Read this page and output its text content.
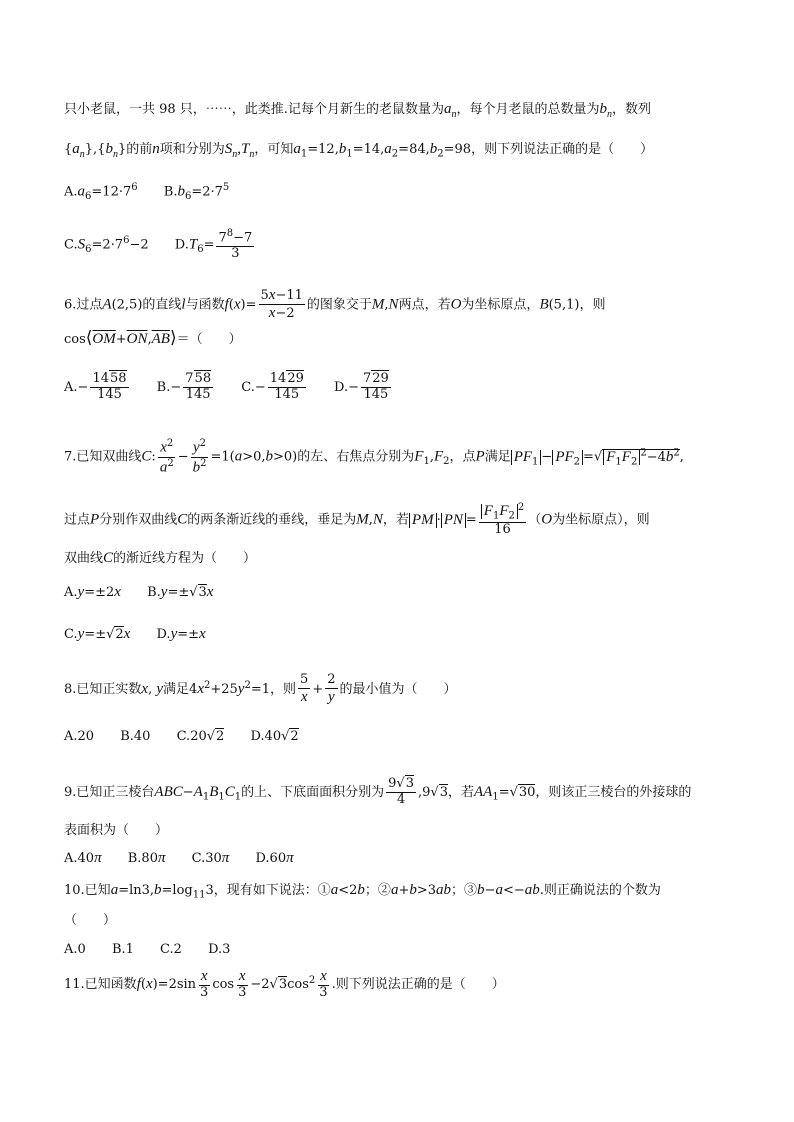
只小老鼠，一共 98 只，⋯⋯，此类推.记每个月新生的老鼠数量为$a_n$，每个月老鼠的总数量为$b_n$，数列
$\{a_n\},\{b_n\}$的前n项和分别为$S_n,T_n$，可知$a_1=12,b_1=14,a_2=84,b_2=98$，则下列说法正确的是（　　）
$A.a_6=12\cdot 7^6$ $B.b_6=2\cdot 7^5$
$C.S_6=2\cdot 7^6-2$ $D.T_6= \frac{7^8-7}{3}$
6.过点A(2,5)的直线l与函数$f(x)= \frac{5x-11}{x-2}$ 的图象交于M,N两点，若O为坐标原点，B(5,1)，则
$\cos⟨\overline{OM}+\overline{ON},\overline{AB}⟩=$（　　）
$A.- \frac{1458}{145} B.- \frac{758}{145} C.- \frac{1429}{145} D.- \frac{729}{145}$
7.已知双曲线C: $\frac{x^2}{a^2} - \frac{y^2}{b^2} =1(a>0,b>0)$的左、右焦点分别为$F_1,F_2$，点P满足 $PF_1 - PF_2$ =√ $F_1F_2^2-4b^2$,
过点P分别作双曲线C的两条渐近线的垂线，垂足为M,N，若 PM · PN = $\frac{F_1F_2^2}{16} (O$为坐标原点），则
双曲线C的渐近线方程为（　　）
A.y=±2x B.y=±√3x
C.y=±√2x D.y=±x
8.已知正实数x, y满足$4x^2+25y^2=1$，则 $\frac{5}{x} + \frac{2}{y}$ 的最小值为（　　）
A.20 B.40 C.20√2 D.40√2
9.已知正三棱台$ABC-A_1B_1C_1$的上、下底面面积分别为 $\frac{9√3}{4} ,9√3$，若$AA_1=√30$，则该正三棱台的外接球的
表面积为（　　）
A.40π B.80π C.30π D.60π
10.已知$a=\ln 3,b=\log_{11}3$，现有如下说法：①a<2b；②a+b>3ab；③b−a<−ab.则正确说法的个数为
（　　）
A.0 B.1 C.2 D.3
11.已知函数$f(x)=2\sin \frac{x}{3}$ $\cos \frac{x}{3} -2√3\cos^2 \frac{x}{3}$ .则下列说法正确的是（　　）
